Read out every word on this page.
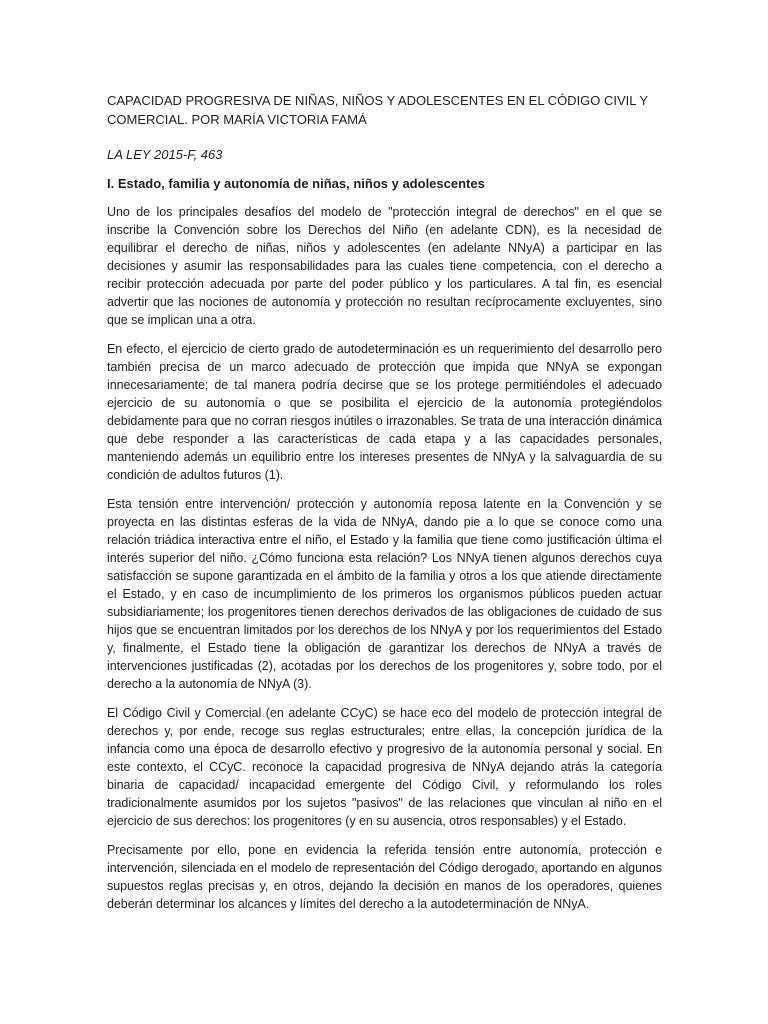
CAPACIDAD PROGRESIVA DE NIÑAS, NIÑOS Y ADOLESCENTES EN EL CÓDIGO CIVIL Y COMERCIAL. POR MARÍA VICTORIA FAMÁ

LA LEY 2015-F, 463

I. Estado, familia y autonomía de niñas, niños y adolescentes

Uno de los principales desafíos del modelo de "protección integral de derechos" en el que se inscribe la Convención sobre los Derechos del Niño (en adelante CDN), es la necesidad de equilibrar el derecho de niñas, niños y adolescentes (en adelante NNyA) a participar en las decisiones y asumir las responsabilidades para las cuales tiene competencia, con el derecho a recibir protección adecuada por parte del poder público y los particulares. A tal fin, es esencial advertir que las nociones de autonomía y protección no resultan recíprocamente excluyentes, sino que se implican una a otra.

En efecto, el ejercicio de cierto grado de autodeterminación es un requerimiento del desarrollo pero también precisa de un marco adecuado de protección que impida que NNyA se expongan innecesariamente; de tal manera podría decirse que se los protege permitiéndoles el adecuado ejercicio de su autonomía o que se posibilita el ejercicio de la autonomía protegiéndolos debidamente para que no corran riesgos inútiles o irrazonables. Se trata de una interacción dinámica que debe responder a las características de cada etapa y a las capacidades personales, manteniendo además un equilibrio entre los intereses presentes de NNyA y la salvaguardia de su condición de adultos futuros (1).

Esta tensión entre intervención/ protección y autonomía reposa latente en la Convención y se proyecta en las distintas esferas de la vida de NNyA, dando pie a lo que se conoce como una relación triádica interactiva entre el niño, el Estado y la familia que tiene como justificación última el interés superior del niño. ¿Cómo funciona esta relación? Los NNyA tienen algunos derechos cuya satisfacción se supone garantizada en el ámbito de la familia y otros a los que atiende directamente el Estado, y en caso de incumplimiento de los primeros los organismos públicos pueden actuar subsidiariamente; los progenitores tienen derechos derivados de las obligaciones de cuidado de sus hijos que se encuentran limitados por los derechos de los NNyA y por los requerimientos del Estado y, finalmente, el Estado tiene la obligación de garantizar los derechos de NNyA a través de intervenciones justificadas (2), acotadas por los derechos de los progenitores y, sobre todo, por el derecho a la autonomía de NNyA (3).

El Código Civil y Comercial (en adelante CCyC) se hace eco del modelo de protección integral de derechos y, por ende, recoge sus reglas estructurales; entre ellas, la concepción jurídica de la infancia como una época de desarrollo efectivo y progresivo de la autonomía personal y social. En este contexto, el CCyC. reconoce la capacidad progresiva de NNyA dejando atrás la categoría binaria de capacidad/ incapacidad emergente del Código Civil, y reformulando los roles tradicionalmente asumidos por los sujetos "pasivos" de las relaciones que vinculan al niño en el ejercicio de sus derechos: los progenitores (y en su ausencia, otros responsables) y el Estado.

Precisamente por ello, pone en evidencia la referida tensión entre autonomía, protección e intervención, silenciada en el modelo de representación del Código derogado, aportando en algunos supuestos reglas precisas y, en otros, dejando la decisión en manos de los operadores, quienes deberán determinar los alcances y límites del derecho a la autodeterminación de NNyA.
